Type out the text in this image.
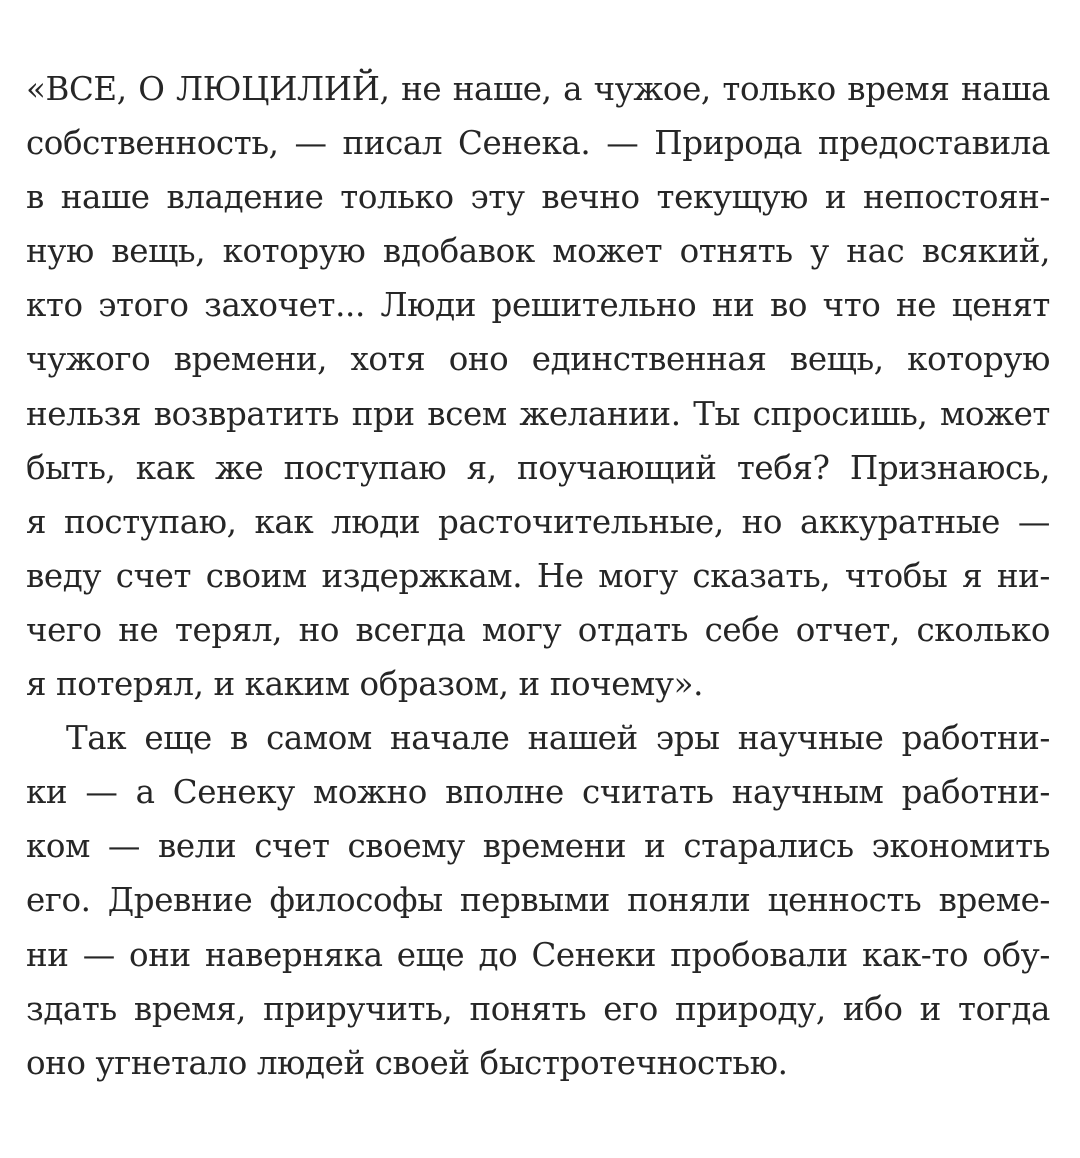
«ВСЕ, О ЛЮЦИЛИЙ, не наше, а чужое, только время наша
собственность, — писал Сенека. — Природа предоставила
в наше владение только эту вечно текущую и непостоян-
ную вещь, которую вдобавок может отнять у нас всякий,
кто этого захочет... Люди решительно ни во что не ценят
чужого времени, хотя оно единственная вещь, которую
нельзя возвратить при всем желании. Ты спросишь, может
быть, как же поступаю я, поучающий тебя? Признаюсь,
я поступаю, как люди расточительные, но аккуратные —
веду счет своим издержкам. Не могу сказать, чтобы я ни-
чего не терял, но всегда могу отдать себе отчет, сколько
я потерял, и каким образом, и почему».
Так еще в самом начале нашей эры научные работни-
ки — а Сенеку можно вполне считать научным работни-
ком — вели счет своему времени и старались экономить
его. Древние философы первыми поняли ценность време-
ни — они наверняка еще до Сенеки пробовали как-то обу-
здать время, приручить, понять его природу, ибо и тогда
оно угнетало людей своей быстротечностью.
